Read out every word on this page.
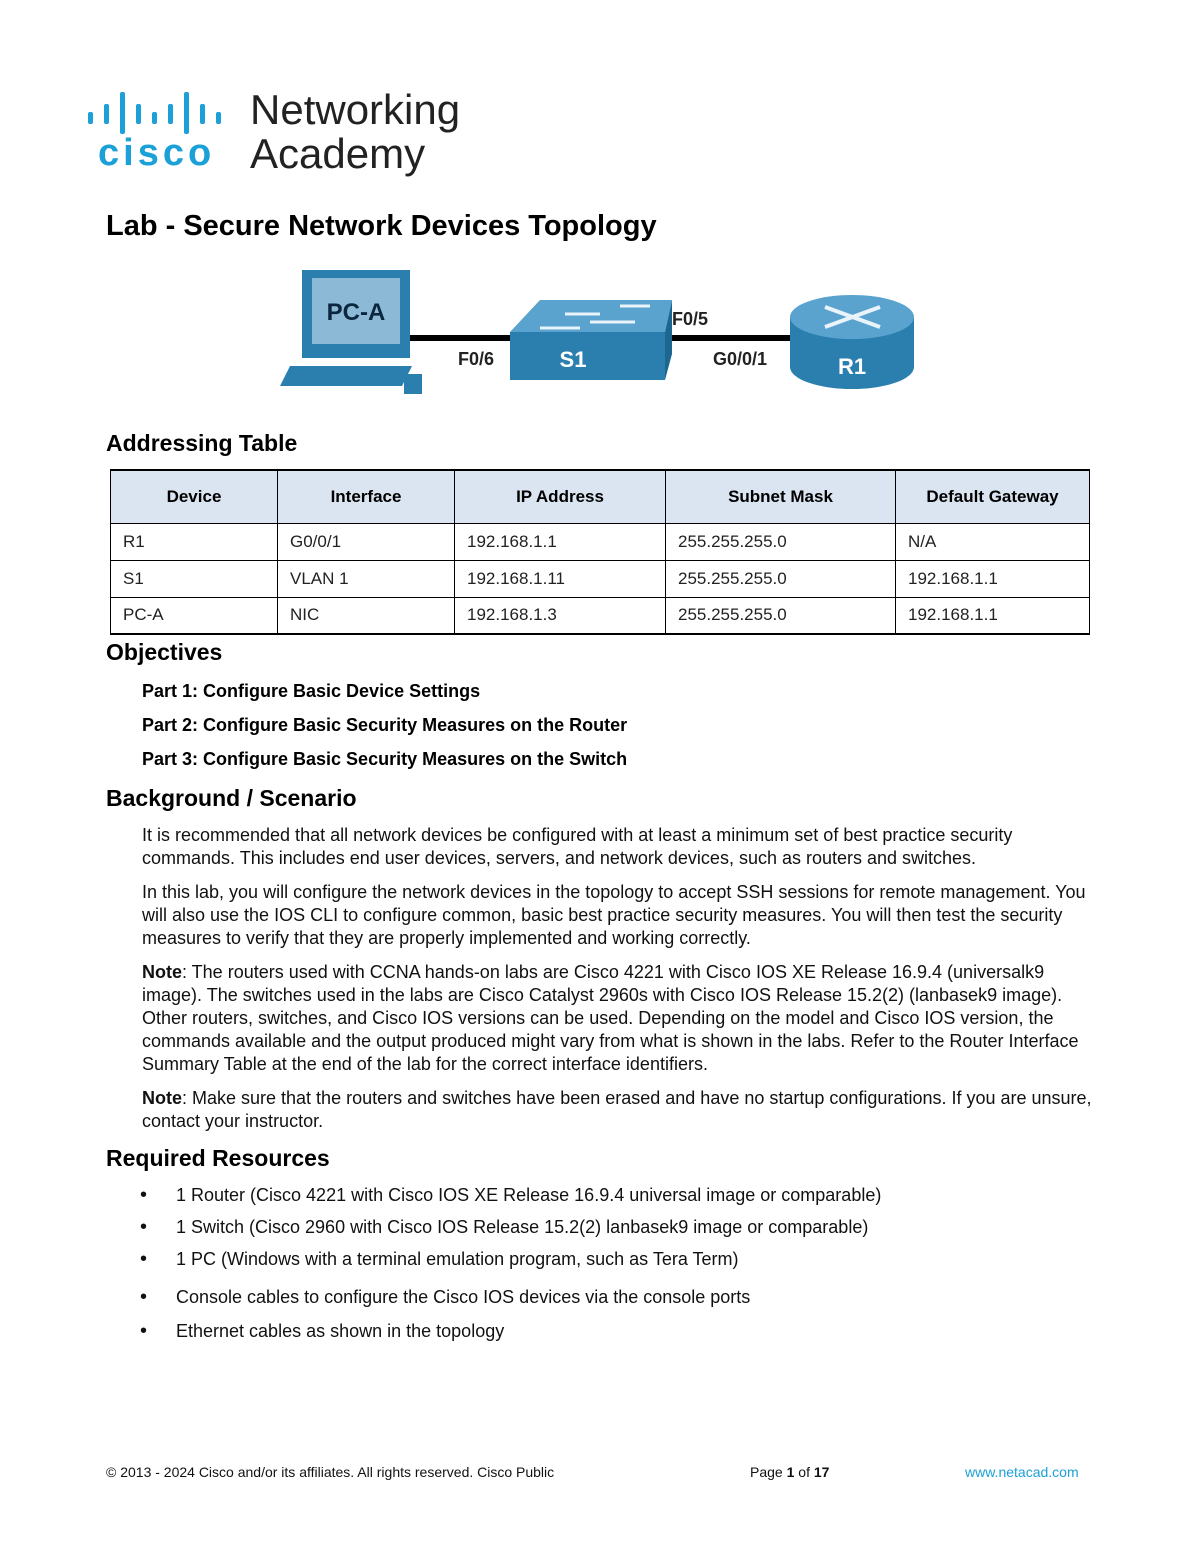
cisco
Networking
Academy
Lab - Secure Network Devices Topology
PC-A
S1	R1
F0/6
F0/5
G0/0/1
Addressing Table
Device	Interface	IP Address	Subnet Mask	Default Gateway
R1	G0/0/1	192.168.1.1	255.255.255.0	N/A
S1	VLAN 1	192.168.1.11	255.255.255.0	192.168.1.1
PC-A	NIC	192.168.1.3	255.255.255.0	192.168.1.1
Objectives
Part 1: Configure Basic Device Settings
Part 2: Configure Basic Security Measures on the Router
Part 3: Configure Basic Security Measures on the Switch
Background / Scenario

It is recommended that all network devices be configured with at least a minimum set of best practice security commands. This includes end user devices, servers, and network devices, such as routers and switches.

In this lab, you will configure the network devices in the topology to accept SSH sessions for remote management. You will also use the IOS CLI to configure common, basic best practice security measures. You will then test the security measures to verify that they are properly implemented and working correctly.

Note: The routers used with CCNA hands-on labs are Cisco 4221 with Cisco IOS XE Release 16.9.4 (universalk9 image). The switches used in the labs are Cisco Catalyst 2960s with Cisco IOS Release 15.2(2) (lanbasek9 image). Other routers, switches, and Cisco IOS versions can be used. Depending on the model and Cisco IOS version, the commands available and the output produced might vary from what is shown in the labs. Refer to the Router Interface Summary Table at the end of the lab for the correct interface identifiers.

Note: Make sure that the routers and switches have been erased and have no startup configurations. If you are unsure, contact your instructor.

Required Resources
• 1 Router (Cisco 4221 with Cisco IOS XE Release 16.9.4 universal image or comparable)
• 1 Switch (Cisco 2960 with Cisco IOS Release 15.2(2) lanbasek9 image or comparable)
• 1 PC (Windows with a terminal emulation program, such as Tera Term)
• Console cables to configure the Cisco IOS devices via the console ports
• Ethernet cables as shown in the topology
© 2013 - 2024 Cisco and/or its affiliates. All rights reserved. Cisco Public	Page 1 of 17	www.netacad.com
